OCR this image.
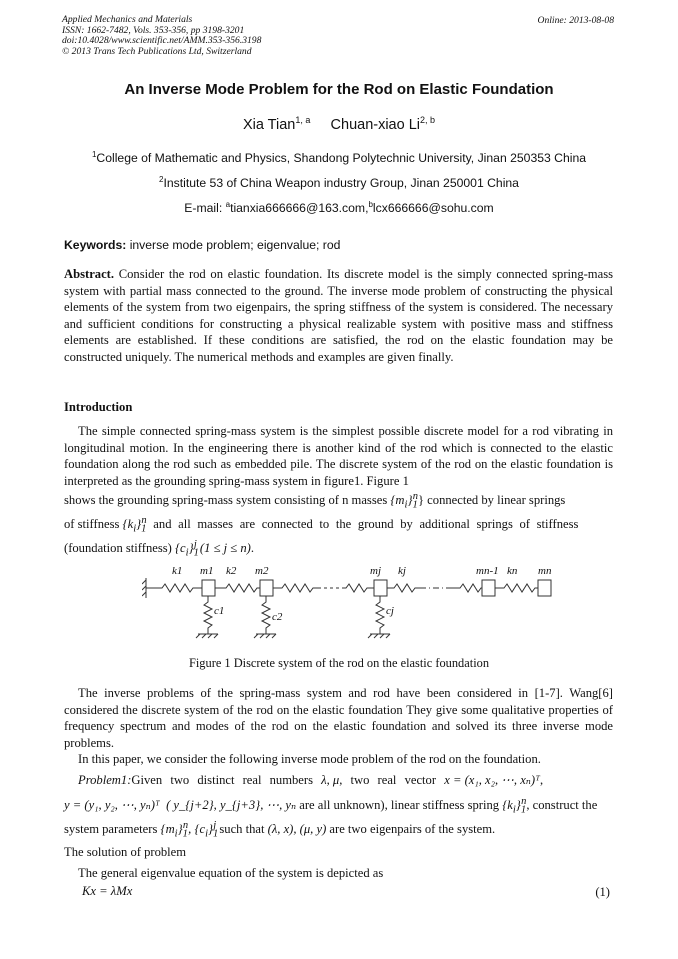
Applied Mechanics and Materials
ISSN: 1662-7482, Vols. 353-356, pp 3198-3201
doi:10.4028/www.scientific.net/AMM.353-356.3198
© 2013 Trans Tech Publications Ltd, Switzerland
Online: 2013-08-08
An Inverse Mode Problem for the Rod on Elastic Foundation
Xia Tian$^{1, a}$ Chuan-xiao Li$^{2, b}$
$^1$College of Mathematic and Physics, Shandong Polytechnic University, Jinan 250353 China
$^2$Institute 53 of China Weapon industry Group, Jinan 250001 China
E-mail: $^a$tianxia666666@163.com,$^b$lcx666666@sohu.com
Keywords: inverse mode problem; eigenvalue; rod

Abstract. Consider the rod on elastic foundation. Its discrete model is the simply connected spring-mass system with partial mass connected to the ground. The inverse mode problem of constructing the physical elements of the system from two eigenpairs, the spring stiffness of the system is considered. The necessary and sufficient conditions for constructing a physical realizable system with positive mass and stiffness elements are established. If these conditions are satisfied, the rod on the elastic foundation may be constructed uniquely. The numerical methods and examples are given finally.

Introduction

The simple connected spring-mass system is the simplest possible discrete model for a rod vibrating in longitudinal motion. In the engineering there is another kind of the rod which is connected to the elastic foundation along the rod such as embedded pile. The discrete system of the rod on the elastic foundation is interpreted as the grounding spring-mass system in figure1. Figure 1

shows the grounding spring-mass system consisting of n masses $\{m_i\}_1^n$} connected by linear springs
of stiffness $\{k_i\}_1^n$ and all masses are connected to the ground by additional springs of stiffness
(foundation stiffness) $\{c_i\}_1^j$ (1 ≤ j ≤ n).
k1 m1 k2 m2	mj kj	mn-1 kn mn
c1	c2	cj
Figure 1 Discrete system of the rod on the elastic foundation

The inverse problems of the spring-mass system and rod have been considered in [1-7]. Wang[6] considered the discrete system of the rod on the elastic foundation They give some qualitative properties of frequency spectrum and modes of the rod on the elastic foundation and solved its three inverse mode problems.

In this paper, we consider the following inverse mode problem of the rod on the foundation.

Problem1:Given two distinct real numbers λ, μ, two real vector x = (x₁, x₂, ⋯, xₙ)ᵀ,
y = (y₁, y₂, ⋯, yₙ)ᵀ ( y_{j+2}, y_{j+3}, ⋯, yₙ are all unknown), linear stiffness spring $\{k_i\}_1^n$, construct the
system parameters $\{m_i\}_1^n$, $\{c_i\}_1^j$ such that (λ, x), (μ, y) are two eigenpairs of the system.
The solution of problem
The general eigenvalue equation of the system is depicted as
Kx = λMx	(1)
